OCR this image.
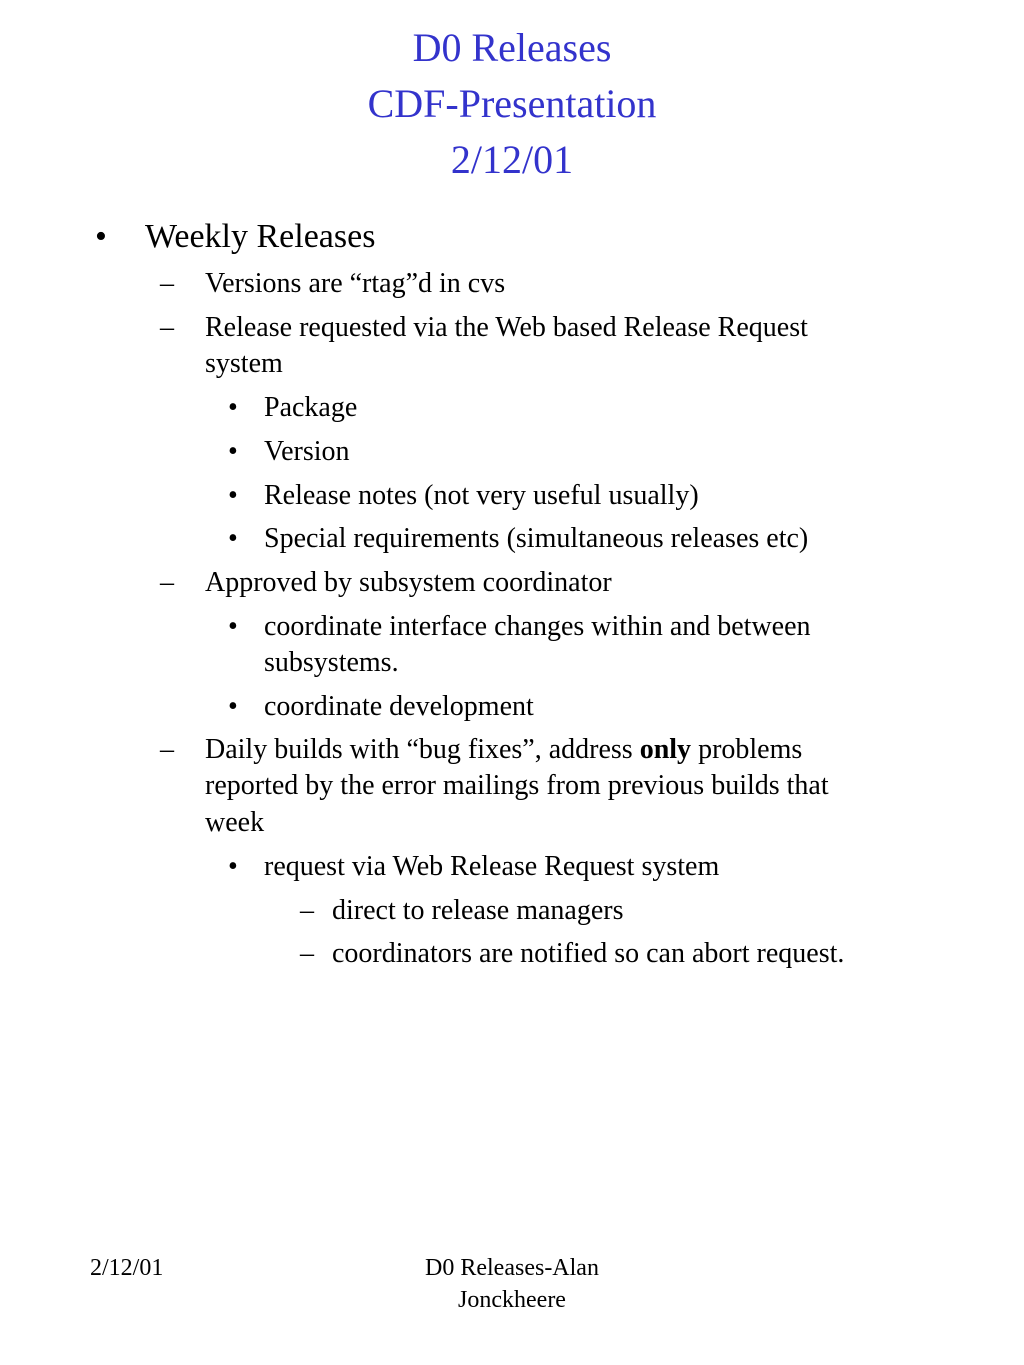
D0 Releases
CDF-Presentation
2/12/01
• Weekly Releases
– Versions are “rtag”d in cvs
– Release requested via the Web based Release Request
system
• Package
• Version
• Release notes (not very useful usually)
• Special requirements (simultaneous releases etc)
– Approved by subsystem coordinator
• coordinate interface changes within and between
subsystems.
• coordinate development
– Daily builds with “bug fixes”, address only problems
reported by the error mailings from previous builds that
week
• request via Web Release Request system
– direct to release managers
– coordinators are notified so can abort request.
2/12/01	D0 Releases-Alan
Jonckheere
